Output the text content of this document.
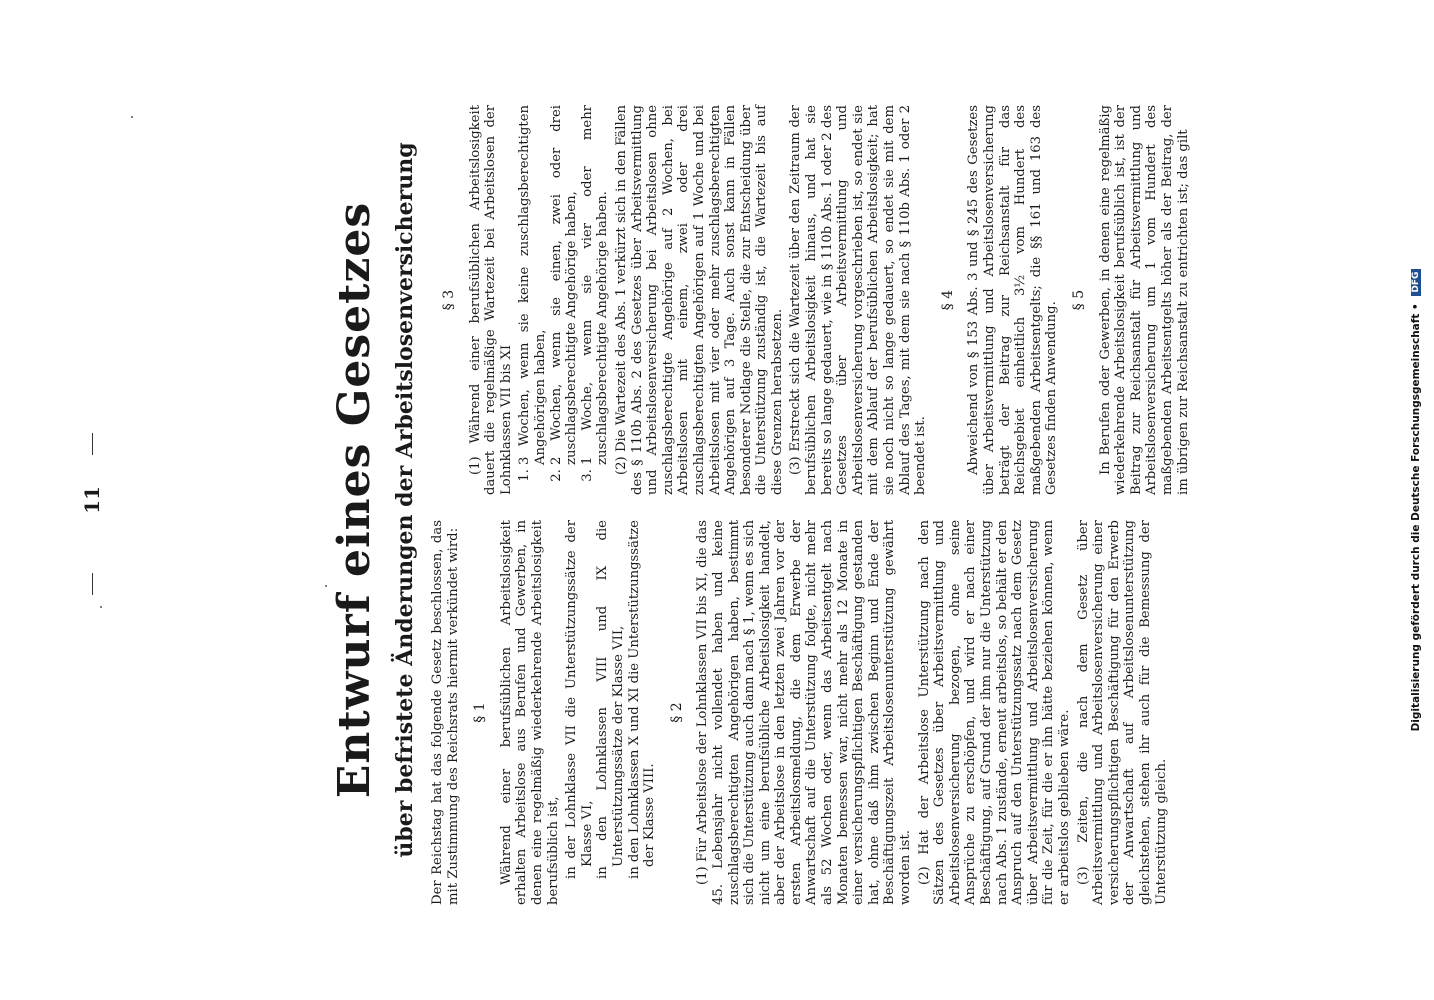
11	Entwurf eines Gesetzes über befristete Änderungen der Arbeitslosenversicherung Der Reichstag hat das folgende Gesetz beschlossen, das mit Zustimmung des Reichsrats hiermit verkündet wird: § 1 Während einer berufsüblichen Arbeitslosigkeit erhalten Arbeitslose aus Berufen und Gewerben, in denen eine regelmäßig wiederkehrende Arbeitslosigkeit berufsüblich ist, in der Lohnklasse VII die Unterstützungssätze der Klasse VI, in den Lohnklassen VIII und IX die Unterstützungssätze der Klasse VII, in den Lohnklassen X und XI die Unterstützungssätze der Klasse VIII.
§ 2 (1) Für Arbeitslose der Lohnklassen VII bis XI, die das 45. Lebensjahr nicht vollendet haben und keine zuschlagsberechtigten Angehörigen haben, bestimmt sich die Unterstützung auch dann nach § 1, wenn es sich nicht um eine berufsübliche Arbeitslosigkeit handelt, aber der Arbeitslose in den letzten zwei Jahren vor der ersten Arbeitslosmeldung, die dem Erwerbe der Anwartschaft auf die Unterstützung folgte, nicht mehr als 52 Wochen oder, wenn das Arbeitsentgelt nach Monaten bemessen war, nicht mehr als 12 Monate in einer versicherungspflichtigen Beschäftigung gestanden hat, ohne daß ihm zwischen Beginn und Ende der Beschäftigungszeit Arbeitslosenunterstützung gewährt worden ist. (2) Hat der Arbeitslose Unterstützung nach den Sätzen des Gesetzes über Arbeitsvermittlung und Arbeitslosenversicherung bezogen, ohne seine Ansprüche zu erschöpfen, und wird er nach einer Beschäftigung, auf Grund der ihm nur die Unterstützung nach Abs. 1 zustände, erneut arbeitslos, so behält er den Anspruch auf den Unterstützungssatz nach dem Gesetz über Arbeitsvermittlung und Arbeitslosenversicherung für die Zeit, für die er ihn hätte beziehen können, wenn er arbeitslos geblieben wäre. (3) Zeiten, die nach dem Gesetz über Arbeitsvermittlung und Arbeitslosenversicherung einer versicherungspflichtigen Beschäftigung für den Erwerb der Anwartschaft auf Arbeitslosenunterstützung gleichstehen, stehen ihr auch für die Bemessung der Unterstützung gleich.

§ 3 (1) Während einer berufsüblichen Arbeitslosigkeit dauert die regelmäßige Wartezeit bei Arbeitslosen der Lohnklassen VII bis XI 1. 3 Wochen, wenn sie keine zuschlagsberechtigten Angehörigen haben, 2. 2 Wochen, wenn sie einen, zwei oder drei zuschlagsberechtigte Angehörige haben, 3. 1 Woche, wenn sie vier oder mehr zuschlagsberechtigte Angehörige haben. (2) Die Wartezeit des Abs. 1 verkürzt sich in den Fällen des § 110b Abs. 2 des Gesetzes über Arbeitsvermittlung und Arbeitslosenversicherung bei Arbeitslosen ohne zuschlagsberechtigte Angehörige auf 2 Wochen, bei Arbeitslosen mit einem, zwei oder drei zuschlagsberechtigten Angehörigen auf 1 Woche und bei Arbeitslosen mit vier oder mehr zuschlagsberechtigten Angehörigen auf 3 Tage. Auch sonst kann in Fällen besonderer Notlage die Stelle, die zur Entscheidung über die Unterstützung zuständig ist, die Wartezeit bis auf diese Grenzen herabsetzen. (3) Erstreckt sich die Wartezeit über den Zeitraum der berufsüblichen Arbeitslosigkeit hinaus, und hat sie bereits so lange gedauert, wie in § 110b Abs. 1 oder 2 des Gesetzes über Arbeitsvermittlung und Arbeitslosenversicherung vorgeschrieben ist, so endet sie mit dem Ablauf der berufsüblichen Arbeitslosigkeit; hat sie noch nicht so lange gedauert, so endet sie mit dem Ablauf des Tages, mit dem sie nach § 110b Abs. 1 oder 2 beendet ist.

§ 4 Abweichend von § 153 Abs. 3 und § 245 des Gesetzes über Arbeitsvermittlung und Arbeitslosenversicherung beträgt der Beitrag zur Reichsanstalt für das Reichsgebiet einheitlich 3½ vom Hundert des maßgebenden Arbeitsentgelts; die §§ 161 und 163 des Gesetzes finden Anwendung.

§ 5 In Berufen oder Gewerben, in denen eine regelmäßig wiederkehrende Arbeitslosigkeit berufsüblich ist, ist der Beitrag zur Reichsanstalt für Arbeitsvermittlung und Arbeitslosenversicherung um 1 vom Hundert des maßgebenden Arbeitsentgelts höher als der Beitrag, der im übrigen zur Reichsanstalt zu entrichten ist; das gilt

Digitalisierung gefördert durch die Deutsche Forschungsgemeinschaft • DFG
